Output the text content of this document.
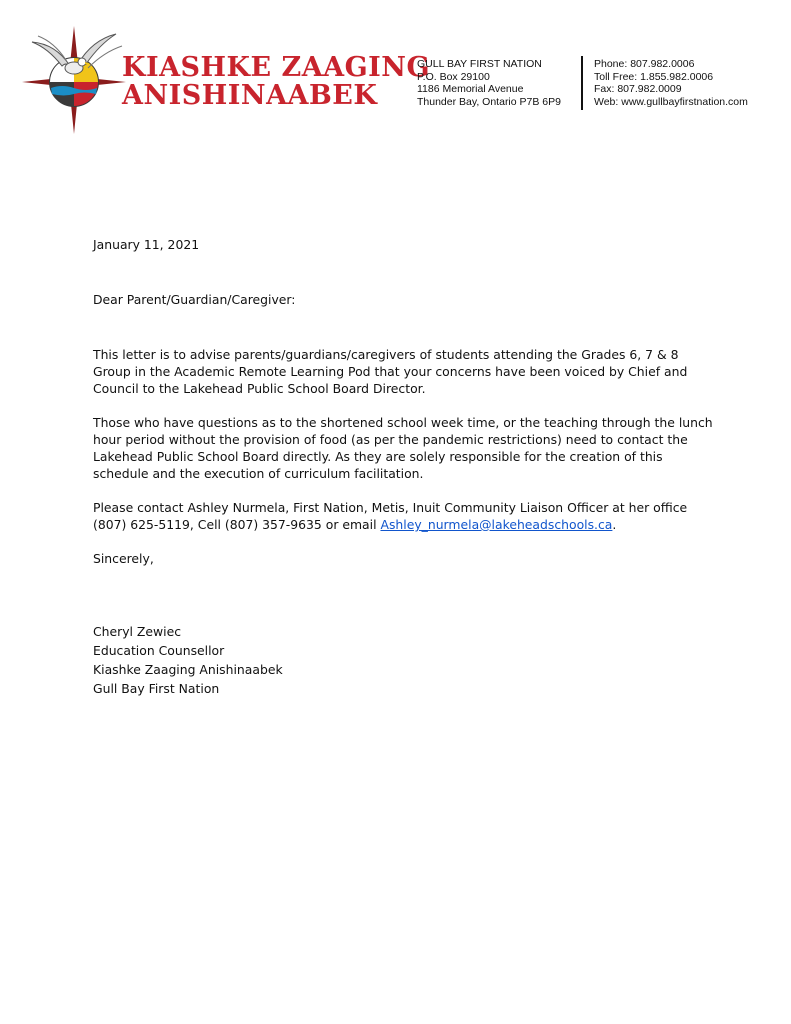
KIASHKE ZAAGING
ANISHINAABEK
GULL BAY FIRST NATION
P.O. Box 29100
1186 Memorial Avenue
Thunder Bay, Ontario P7B 6P9
Phone: 807.982.0006
Toll Free: 1.855.982.0006
Fax: 807.982.0009
Web: www.gullbayfirstnation.com

January 11, 2021

Dear Parent/Guardian/Caregiver:

This letter is to advise parents/guardians/caregivers of students attending the Grades 6, 7 & 8 Group in the Academic Remote Learning Pod that your concerns have been voiced by Chief and Council to the Lakehead Public School Board Director.

Those who have questions as to the shortened school week time, or the teaching through the lunch hour period without the provision of food (as per the pandemic restrictions) need to contact the Lakehead Public School Board directly. As they are solely responsible for the creation of this schedule and the execution of curriculum facilitation.

Please contact Ashley Nurmela, First Nation, Metis, Inuit Community Liaison Officer at her office (807) 625-5119, Cell (807) 357-9635 or email Ashley_nurmela@lakeheadschools.ca.

Sincerely,

Cheryl Zewiec
Education Counsellor
Kiashke Zaaging Anishinaabek
Gull Bay First Nation
